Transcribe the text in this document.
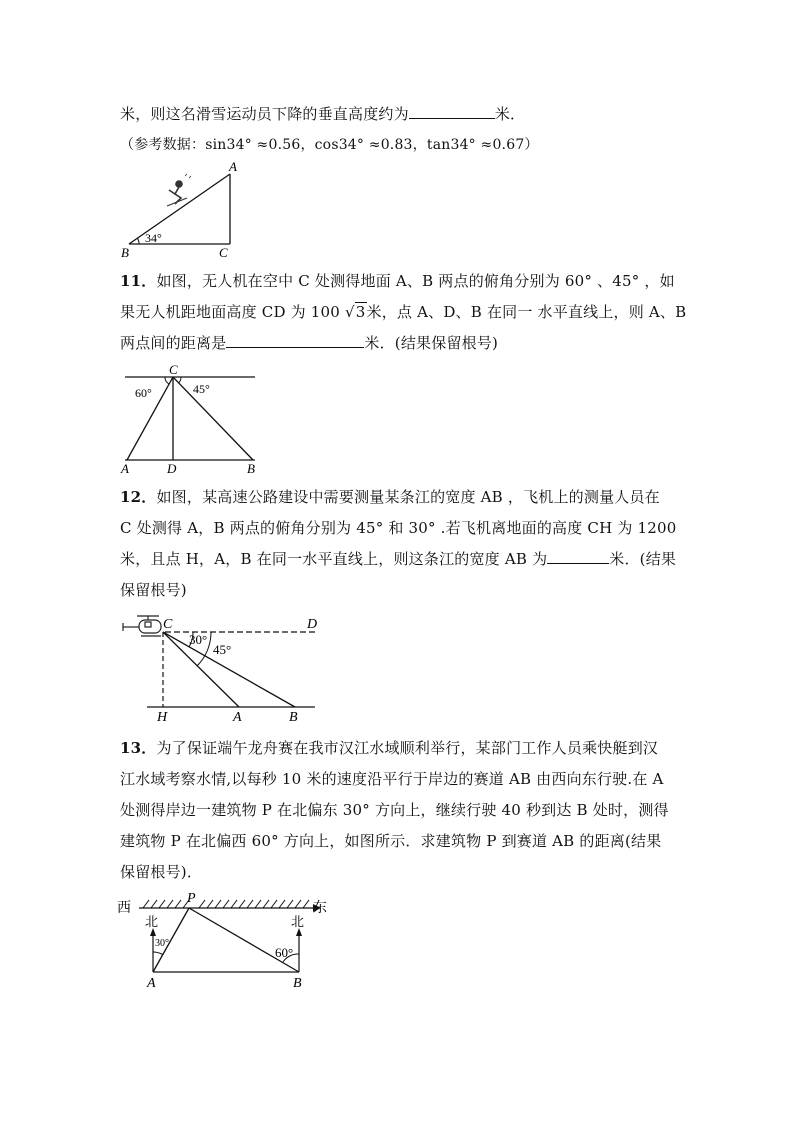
米，则这名滑雪运动员下降的垂直高度约为	米．
（参考数据：sin34° ≈0.56，cos34° ≈0.83，tan34° ≈0.67）
A
B	C
34°
11．如图，无人机在空中 C 处测得地面 A、B 两点的俯角分别为 60° 、45° ，如
果无人机距地面高度 CD 为 100 √3米，点 A、D、B 在同一 水平直线上，则 A、B
两点间的距离是	米．(结果保留根号)
C
60°	45°
A	D	B
12．如图，某高速公路建设中需要测量某条江的宽度 AB ，飞机上的测量人员在
C 处测得 A，B 两点的俯角分别为 45° 和 30° .若飞机离地面的高度 CH 为 1200
米，且点 H，A，B 在同一水平直线上，则这条江的宽度 AB 为	米．(结果
保留根号)
C	D
30°
45°
H	A	B
13．为了保证端午龙舟赛在我市汉江水域顺利举行，某部门工作人员乘快艇到汉
江水域考察水情,以每秒 10 米的速度沿平行于岸边的赛道 AB 由西向东行驶.在 A
处测得岸边一建筑物 P 在北偏东 30° 方向上，继续行驶 40 秒到达 B 处时，测得
建筑物 P 在北偏西 60° 方向上，如图所示．求建筑物 P 到赛道 AB 的距离(结果
保留根号)．
西	东
P
北	北
30°
60°
A	B
